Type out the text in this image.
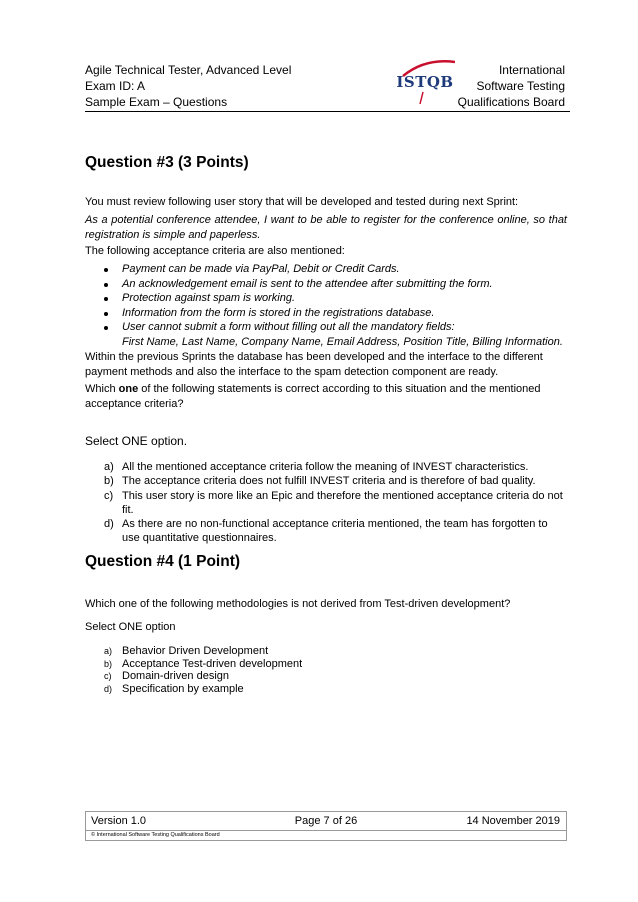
Agile Technical Tester, Advanced Level
Exam ID: A
Sample Exam – Questions
ISTQB
International
Software Testing
Qualifications Board
Question #3 (3 Points)

You must review following user story that will be developed and tested during next Sprint:

As a potential conference attendee, I want to be able to register for the conference online, so that registration is simple and paperless.

The following acceptance criteria are also mentioned:

Payment can be made via PayPal, Debit or Credit Cards.
An acknowledgement email is sent to the attendee after submitting the form.
Protection against spam is working.
Information from the form is stored in the registrations database.
User cannot submit a form without filling out all the mandatory fields:
First Name, Last Name, Company Name, Email Address, Position Title, Billing Information.

Within the previous Sprints the database has been developed and the interface to the different payment methods and also the interface to the spam detection component are ready.

Which one of the following statements is correct according to this situation and the mentioned acceptance criteria?

Select ONE option.

a) All the mentioned acceptance criteria follow the meaning of INVEST characteristics.
b) The acceptance criteria does not fulfill INVEST criteria and is therefore of bad quality.
c) This user story is more like an Epic and therefore the mentioned acceptance criteria do not fit.
d) As there are no non-functional acceptance criteria mentioned, the team has forgotten to use quantitative questionnaires.
Question #4 (1 Point)

Which one of the following methodologies is not derived from Test-driven development?

Select ONE option

a) Behavior Driven Development
b) Acceptance Test-driven development
c) Domain-driven design
d) Specification by example
Version 1.0	Page 7 of 26	14 November 2019
© International Software Testing Qualifications Board
